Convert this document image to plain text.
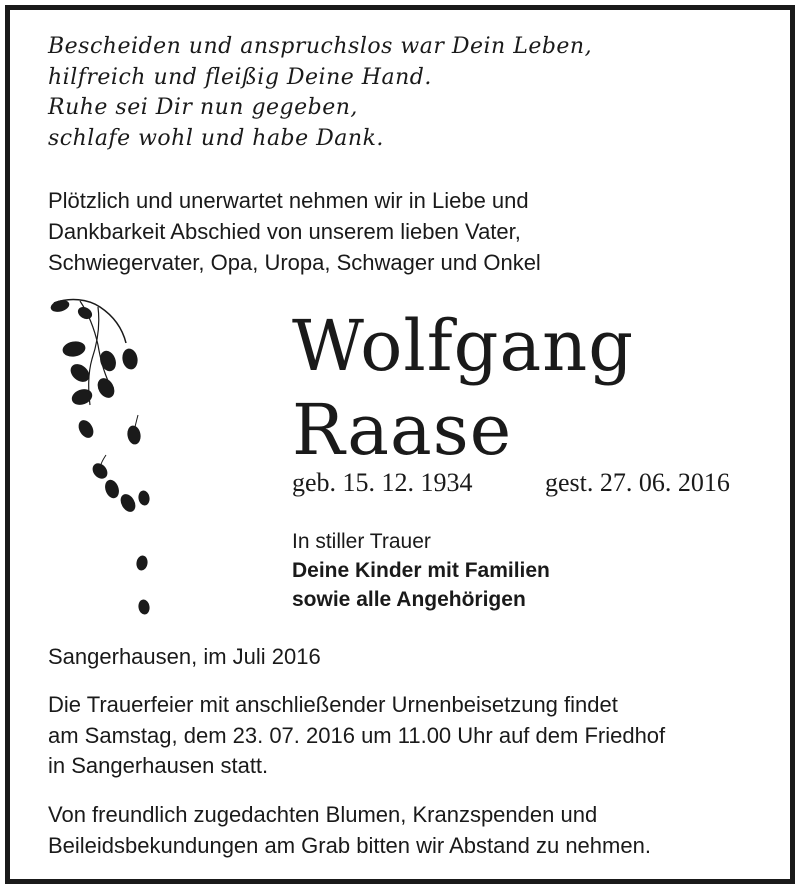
Bescheiden und anspruchslos war Dein Leben,
hilfreich und fleißig Deine Hand.
Ruhe sei Dir nun gegeben,
schlafe wohl und habe Dank.
Plötzlich und unerwartet nehmen wir in Liebe und
Dankbarkeit Abschied von unserem lieben Vater,
Schwiegervater, Opa, Uropa, Schwager und Onkel
Wolfgang
Raase
geb. 15. 12. 1934	gest. 27. 06. 2016
In stiller Trauer
Deine Kinder mit Familien
sowie alle Angehörigen
Sangerhausen, im Juli 2016
Die Trauerfeier mit anschließender Urnenbeisetzung findet
am Samstag, dem 23. 07. 2016 um 11.00 Uhr auf dem Friedhof
in Sangerhausen statt.
Von freundlich zugedachten Blumen, Kranzspenden und
Beileidsbekundungen am Grab bitten wir Abstand zu nehmen.
